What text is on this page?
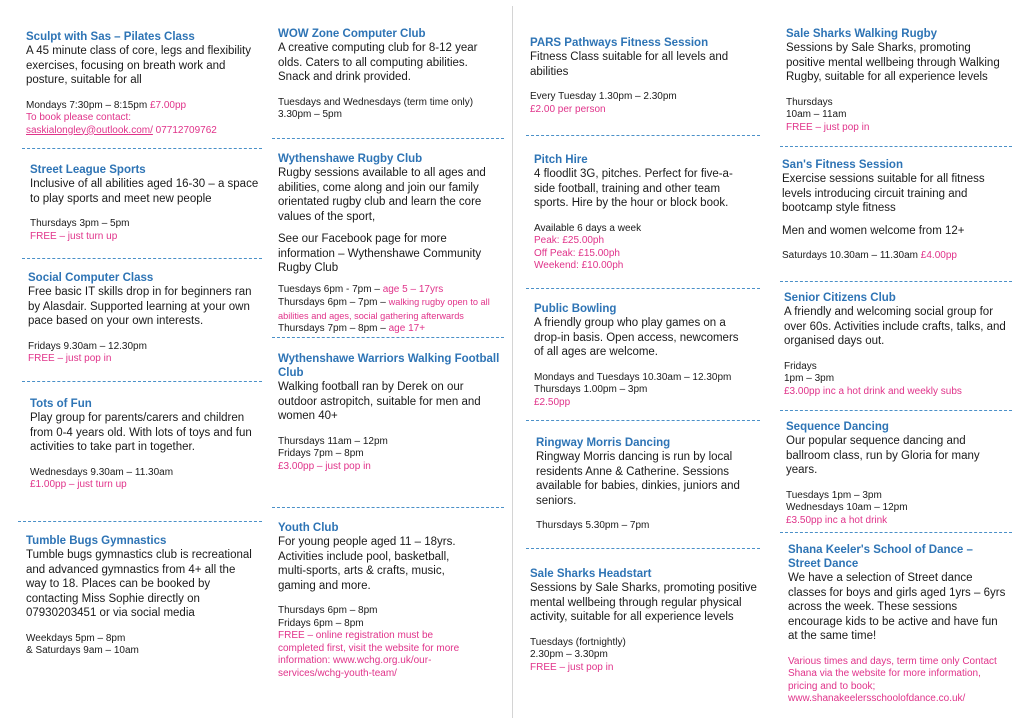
Sculpt with Sas – Pilates Class

A 45 minute class of core, legs and flexibility exercises, focusing on breath work and posture, suitable for all

Mondays 7:30pm – 8:15pm £7.00pp

To book please contact:

saskialongley@outlook.com/ 07712709762

Street League Sports

Inclusive of all abilities aged 16-30 – a space to play sports and meet new people

Thursdays 3pm – 5pm

FREE – just turn up

Social Computer Class

Free basic IT skills drop in for beginners ran by Alasdair. Supported learning at your own pace based on your own interests.

Fridays 9.30am – 12.30pm

FREE – just pop in

Tots of Fun

Play group for parents/carers and children from 0-4 years old. With lots of toys and fun activities to take part in together.

Wednesdays 9.30am – 11.30am

£1.00pp – just turn up

Tumble Bugs Gymnastics

Tumble bugs gymnastics club is recreational and advanced gymnastics from 4+ all the way to 18. Places can be booked by contacting Miss Sophie directly on 07930203451 or via social media

Weekdays 5pm – 8pm

& Saturdays 9am – 10am

WOW Zone Computer Club

A creative computing club for 8-12 year olds. Caters to all computing abilities. Snack and drink provided.

Tuesdays and Wednesdays (term time only)

3.30pm – 5pm

Wythenshawe Rugby Club

Rugby sessions available to all ages and abilities, come along and join our family orientated rugby club and learn the core values of the sport,

See our Facebook page for more information – Wythenshawe Community Rugby Club

Tuesdays 6pm - 7pm – age 5 – 17yrs

Thursdays 6pm – 7pm – walking rugby open to all abilities and ages, social gathering afterwards

Thursdays 7pm – 8pm – age 17+

Wythenshawe Warriors Walking Football Club

Walking football ran by Derek on our outdoor astropitch, suitable for men and women 40+

Thursdays 11am – 12pm

Fridays 7pm – 8pm

£3.00pp – just pop in

Youth Club

For young people aged 11 – 18yrs. Activities include pool, basketball, multi-sports, arts & crafts, music, gaming and more.

Thursdays 6pm – 8pm

Fridays 6pm – 8pm

FREE – online registration must be completed first, visit the website for more information: www.wchg.org.uk/our-services/wchg-youth-team/

PARS Pathways Fitness Session

Fitness Class suitable for all levels and abilities

Every Tuesday 1.30pm – 2.30pm

£2.00 per person

Pitch Hire

4 floodlit 3G, pitches. Perfect for five-a-side football, training and other team sports. Hire by the hour or block book.

Available 6 days a week

Peak: £25.00ph

Off Peak: £15.00ph

Weekend: £10.00ph

Public Bowling

A friendly group who play games on a drop-in basis. Open access, newcomers of all ages are welcome.

Mondays and Tuesdays 10.30am – 12.30pm

Thursdays 1.00pm – 3pm

£2.50pp

Ringway Morris Dancing

Ringway Morris dancing is run by local residents Anne & Catherine. Sessions available for babies, dinkies, juniors and seniors.

Thursdays 5.30pm – 7pm

Sale Sharks Headstart

Sessions by Sale Sharks, promoting positive mental wellbeing through regular physical activity, suitable for all experience levels

Tuesdays (fortnightly)

2.30pm – 3.30pm

FREE – just pop in

Sale Sharks Walking Rugby

Sessions by Sale Sharks, promoting positive mental wellbeing through Walking Rugby, suitable for all experience levels

Thursdays

10am – 11am

FREE – just pop in

San's Fitness Session

Exercise sessions suitable for all fitness levels introducing circuit training and bootcamp style fitness

Men and women welcome from 12+

Saturdays 10.30am – 11.30am £4.00pp

Senior Citizens Club

A friendly and welcoming social group for over 60s. Activities include crafts, talks, and organised days out.

Fridays

1pm – 3pm

£3.00pp inc a hot drink and weekly subs

Sequence Dancing

Our popular sequence dancing and ballroom class, run by Gloria for many years.

Tuesdays 1pm – 3pm

Wednesdays 10am – 12pm

£3.50pp inc a hot drink

Shana Keeler's School of Dance – Street Dance

We have a selection of Street dance classes for boys and girls aged 1yrs – 6yrs across the week. These sessions encourage kids to be active and have fun at the same time!

Various times and days, term time only Contact Shana via the website for more information, pricing and to book;

www.shanakeelersschoolofdance.co.uk/
